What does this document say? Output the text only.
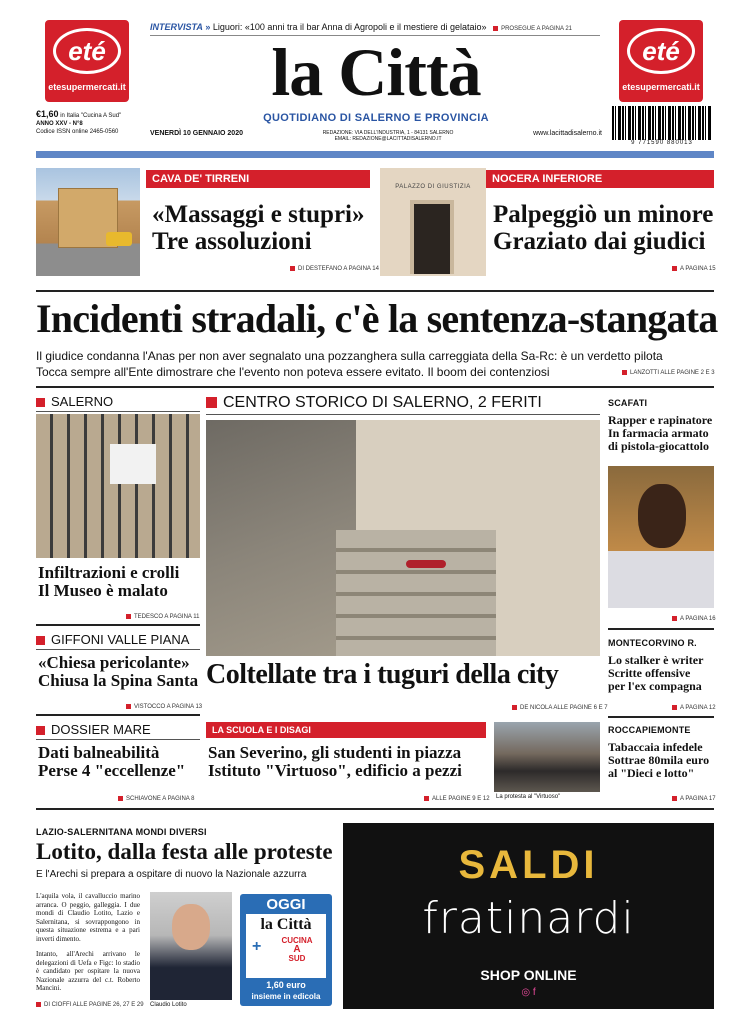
eté
etesupermercati.it
eté
etesupermercati.it
INTERVISTA » Liguori: «100 anni tra il bar Anna di Agropoli e il mestiere di gelataio» PROSEGUE A PAGINA 21
la Città
QUOTIDIANO DI SALERNO E PROVINCIA
€1,60 in Italia "Cucina A Sud"
ANNO XXV - N°8
Codice ISSN online 2465-0560	VENERDÌ 10 GENNAIO 2020	REDAZIONE: VIA DELL'INDUSTRIA, 1 - 84131 SALERNO
EMAIL: REDAZIONE@LACITTADISALERNO.IT
www.lacittadisalerno.it
9 771590 880013
CAVA DE' TIRRENI
«Massaggi e stupri»
Tre assoluzioni
DI DESTEFANO A PAGINA 14
PALAZZO DI GIUSTIZIA
NOCERA INFERIORE
Palpeggiò un minore
Graziato dai giudici
A PAGINA 15
Incidenti stradali, c'è la sentenza-stangata
Il giudice condanna l'Anas per non aver segnalato una pozzanghera sulla carreggiata della Sa-Rc: è un verdetto pilota
Tocca sempre all'Ente dimostrare che l'evento non poteva essere evitato. Il boom dei contenziosi	LANZOTTI ALLE PAGINE 2 E 3
SALERNO
Infiltrazioni e crolli
Il Museo è malato
TEDESCO A PAGINA 11
GIFFONI VALLE PIANA
«Chiesa pericolante»
Chiusa la Spina Santa
VISTOCCO A PAGINA 13
DOSSIER MARE
Dati balneabilità
Perse 4 "eccellenze"
SCHIAVONE A PAGINA 8
CENTRO STORICO DI SALERNO, 2 FERITI
Coltellate tra i tuguri della city
DE NICOLA ALLE PAGINE 6 E 7
LA SCUOLA E I DISAGI
San Severino, gli studenti in piazza
Istituto "Virtuoso", edificio a pezzi
ALLE PAGINE 9 E 12 La protesta al "Virtuoso"
SCAFATI
Rapper e rapinatore
In farmacia armato
di pistola-giocattolo
A PAGINA 16
MONTECORVINO R.
Lo stalker è writer
Scritte offensive
per l'ex compagna
A PAGINA 12
ROCCAPIEMONTE
Tabaccaia infedele
Sottrae 80mila euro
al "Dieci e lotto"
A PAGINA 17
LAZIO-SALERNITANA MONDI DIVERSI
Lotito, dalla festa alle proteste
E l'Arechi si prepara a ospitare di nuovo la Nazionale azzurra
L'aquila vola, il cavalluccio marino arranca. O peggio, galleggia. I due mondi di Claudio Lotito, Lazio e Salernitana, si sovrappongono in questa situazione estrema e a pari inverti dimento.
Intanto, all'Arechi arrivano le delegazioni di Uefa e Figc: lo stadio è candidato per ospitare la nuova Nazionale azzurra del c.t. Roberto Mancini.
Claudio Lotito
DI CIOFFI ALLE PAGINE 26, 27 E 29
OGGI
la Città
+	CUCINA
A
SUD
1,60 euro
insieme in edicola
SALDI
fratinardi
SHOP ONLINE
◎ f
